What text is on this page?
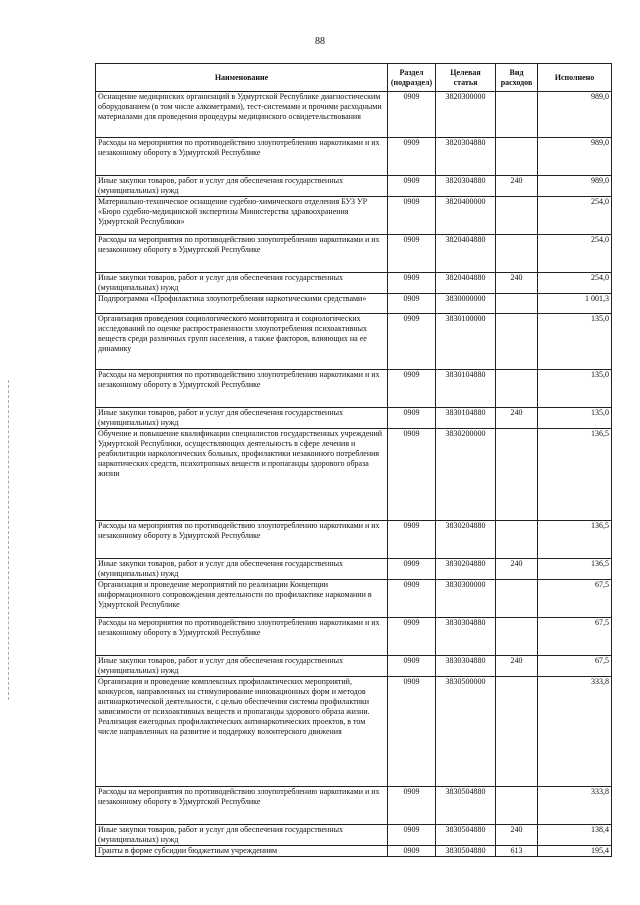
88
Наименование	Раздел (подраздел)	Целевая статья	Вид расходов	Исполнено
Оснащение медицинских организаций в Удмуртской Республике диагностическим оборудованием (в том числе алкометрами), тест-системами и прочими расходными материалами для проведения процедуры медицинского освидетельствования	0909	3820300000		989,0
Расходы на мероприятия по противодействию злоупотреблению наркотиками и их незаконному обороту в Удмуртской Республике	0909	3820304880		989,0
Иные закупки товаров, работ и услуг для обеспечения государственных (муниципальных) нужд	0909	3820304880	240	989,0
Материально-техническое оснащение судебно-химического отделения БУЗ УР «Бюро судебно-медицинской экспертизы Министерства здравоохранения Удмуртской Республики»	0909	3820400000		254,0
Расходы на мероприятия по противодействию злоупотреблению наркотиками и их незаконному обороту в Удмуртской Республике	0909	3820404880		254,0
Иные закупки товаров, работ и услуг для обеспечения государственных (муниципальных) нужд	0909	3820404880	240	254,0
Подпрограмма «Профилактика злоупотребления наркотическими средствами»	0909	3830000000		1 001,3
Организация проведения социологического мониторинга и социологических исследований по оценке распространенности злоупотребления психоактивных веществ среди различных групп населения, а также факторов, влияющих на ее динамику	0909	3830100000		135,0
Расходы на мероприятия по противодействию злоупотреблению наркотиками и их незаконному обороту в Удмуртской Республике	0909	3830104880		135,0
Иные закупки товаров, работ и услуг для обеспечения государственных (муниципальных) нужд	0909	3830104880	240	135,0
Обучение и повышение квалификации специалистов государственных учреждений Удмуртской Республики, осуществляющих деятельность в сфере лечения и реабилитации наркологических больных, профилактики незаконного потребления наркотических средств, психотропных веществ и пропаганды здорового образа жизни	0909	3830200000		136,5
Расходы на мероприятия по противодействию злоупотреблению наркотиками и их незаконному обороту в Удмуртской Республике	0909	3830204880		136,5
Иные закупки товаров, работ и услуг для обеспечения государственных (муниципальных) нужд	0909	3830204880	240	136,5
Организация и проведение мероприятий по реализации Концепции информационного сопровождения деятельности по профилактике наркомании в Удмуртской Республике	0909	3830300000		67,5
Расходы на мероприятия по противодействию злоупотреблению наркотиками и их незаконному обороту в Удмуртской Республике	0909	3830304880		67,5
Иные закупки товаров, работ и услуг для обеспечения государственных (муниципальных) нужд	0909	3830304880	240	67,5
Организация и проведение комплексных профилактических мероприятий, конкурсов, направленных на стимулирование инновационных форм и методов антинаркотической деятельности, с целью обеспечения системы профилактики зависимости от психоактивных веществ и пропаганды здорового образа жизни. Реализация ежегодных профилактических антинаркотических проектов, в том числе направленных на развитие и поддержку волонтерского движения	0909	3830500000		333,8
Расходы на мероприятия по противодействию злоупотреблению наркотиками и их незаконному обороту в Удмуртской Республике	0909	3830504880		333,8
Иные закупки товаров, работ и услуг для обеспечения государственных (муниципальных) нужд	0909	3830504880	240	138,4
Гранты в форме субсидии бюджетным учреждениям	0909	3830504880	613	195,4
